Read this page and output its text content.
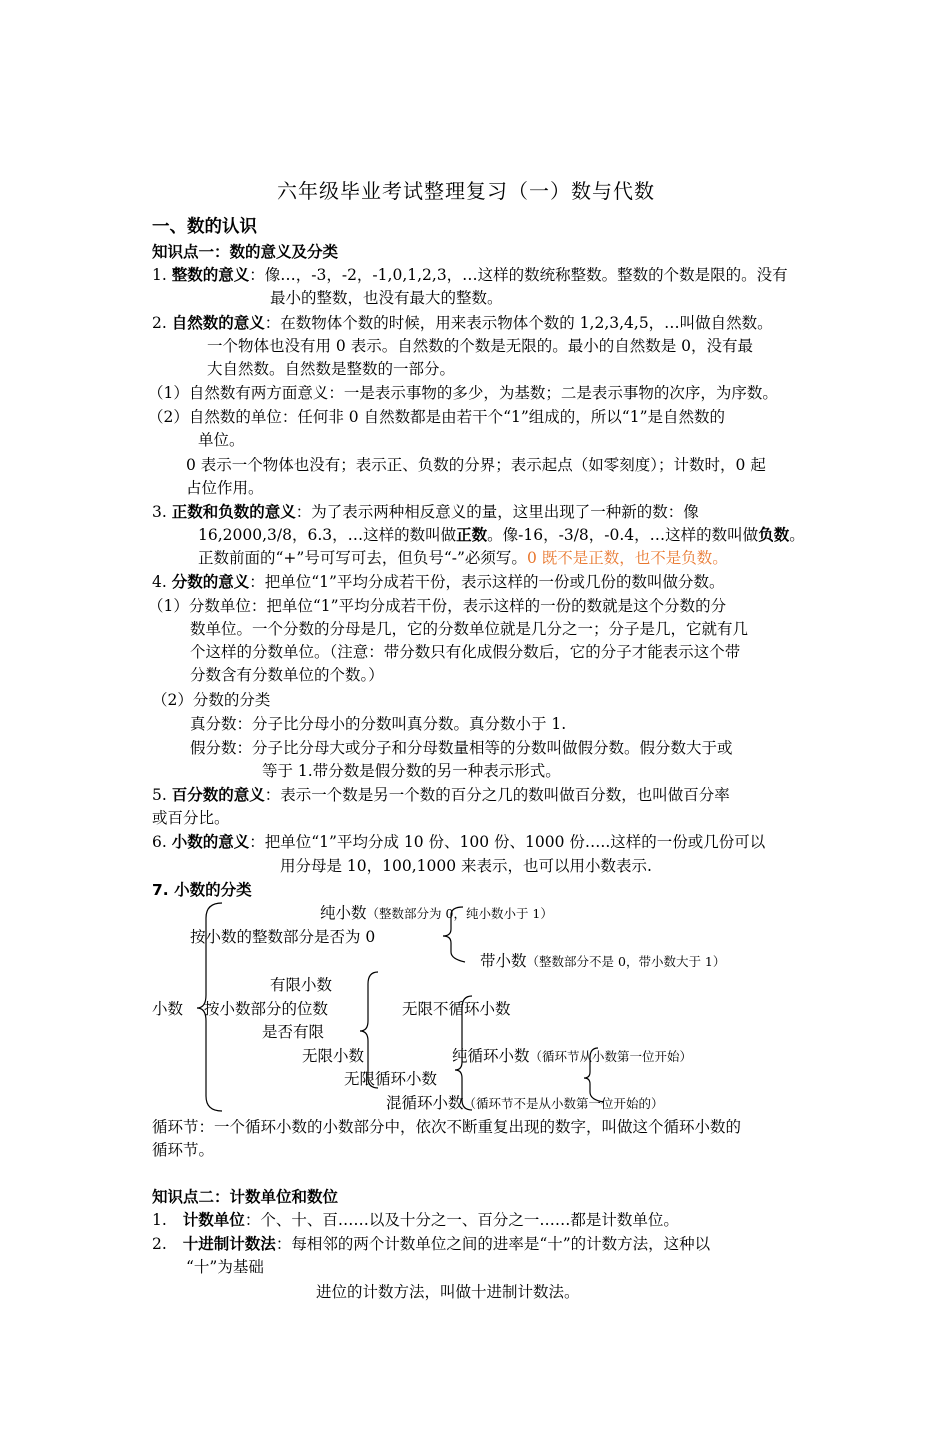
六年级毕业考试整理复习（一）数与代数
一、数的认识
知识点一：数的意义及分类
1. 整数的意义：像…，-3，-2，-1,0,1,2,3，…这样的数统称整数。整数的个数是限的。没有
最小的整数，也没有最大的整数。
2. 自然数的意义：在数物体个数的时候，用来表示物体个数的 1,2,3,4,5，…叫做自然数。
一个物体也没有用 0 表示。自然数的个数是无限的。最小的自然数是 0，没有最
大自然数。自然数是整数的一部分。
（1）自然数有两方面意义：一是表示事物的多少，为基数；二是表示事物的次序，为序数。
（2）自然数的单位：任何非 0 自然数都是由若干个“1”组成的，所以“1”是自然数的
单位。
0 表示一个物体也没有；表示正、负数的分界；表示起点（如零刻度）；计数时，0 起
占位作用。
3. 正数和负数的意义：为了表示两种相反意义的量，这里出现了一种新的数：像
16,2000,3/8，6.3，…这样的数叫做正数。像-16，-3/8，-0.4，…这样的数叫做负数。
正数前面的“+”号可写可去，但负号“-”必须写。0 既不是正数，也不是负数。
4. 分数的意义：把单位“1”平均分成若干份，表示这样的一份或几份的数叫做分数。
（1）分数单位：把单位“1”平均分成若干份，表示这样的一份的数就是这个分数的分
数单位。一个分数的分母是几，它的分数单位就是几分之一；分子是几，它就有几
个这样的分数单位。（注意：带分数只有化成假分数后，它的分子才能表示这个带
分数含有分数单位的个数。）
（2）分数的分类
真分数：分子比分母小的分数叫真分数。真分数小于 1.
假分数：分子比分母大或分子和分母数量相等的分数叫做假分数。假分数大于或
等于 1.带分数是假分数的另一种表示形式。
5. 百分数的意义：表示一个数是另一个数的百分之几的数叫做百分数，也叫做百分率
或百分比。
6. 小数的意义：把单位“1”平均分成 10 份、100 份、1000 份…..这样的一份或几份可以
用分母是 10，100,1000 来表示，也可以用小数表示.
7. 小数的分类
纯小数（整数部分为 0，纯小数小于 1）
按小数的整数部分是否为 0
带小数（整数部分不是 0，带小数大于 1）
有限小数
小数 按小数部分的位数	无限不循环小数
是否有限
无限小数	纯循环小数（循环节从小数第一位开始）
无限循环小数
混循环小数（循环节不是从小数第一位开始的）
循环节：一个循环小数的小数部分中，依次不断重复出现的数字，叫做这个循环小数的
循环节。
知识点二：计数单位和数位
1. 计数单位：个、十、百……以及十分之一、百分之一……都是计数单位。
2. 十进制计数法：每相邻的两个计数单位之间的进率是“十”的计数方法，这种以
“十”为基础
进位的计数方法，叫做十进制计数法。
